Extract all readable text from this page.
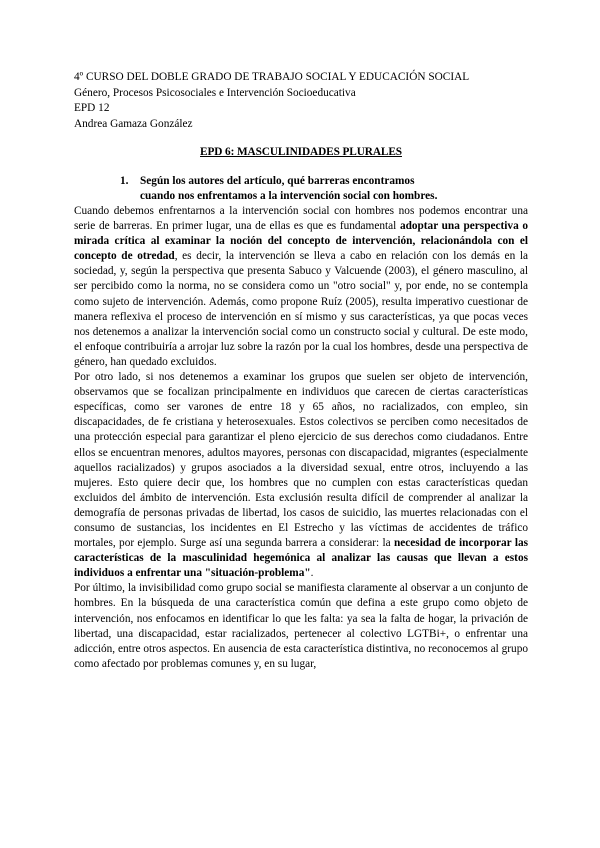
4º CURSO DEL DOBLE GRADO DE TRABAJO SOCIAL Y EDUCACIÓN SOCIAL
Género, Procesos Psicosociales e Intervención Socioeducativa
EPD 12
Andrea Gamaza González
EPD 6: MASCULINIDADES PLURALES
1.	Según los autores del artículo, qué barreras encontramos cuando nos enfrentamos a la intervención social con hombres.

Cuando debemos enfrentarnos a la intervención social con hombres nos podemos encontrar una serie de barreras. En primer lugar, una de ellas es que es fundamental adoptar una perspectiva o mirada crítica al examinar la noción del concepto de intervención, relacionándola con el concepto de otredad, es decir, la intervención se lleva a cabo en relación con los demás en la sociedad, y, según la perspectiva que presenta Sabuco y Valcuende (2003), el género masculino, al ser percibido como la norma, no se considera como un "otro social" y, por ende, no se contempla como sujeto de intervención. Además, como propone Ruíz (2005), resulta imperativo cuestionar de manera reflexiva el proceso de intervención en sí mismo y sus características, ya que pocas veces nos detenemos a analizar la intervención social como un constructo social y cultural. De este modo, el enfoque contribuiría a arrojar luz sobre la razón por la cual los hombres, desde una perspectiva de género, han quedado excluidos.

Por otro lado, si nos detenemos a examinar los grupos que suelen ser objeto de intervención, observamos que se focalizan principalmente en individuos que carecen de ciertas características específicas, como ser varones de entre 18 y 65 años, no racializados, con empleo, sin discapacidades, de fe cristiana y heterosexuales. Estos colectivos se perciben como necesitados de una protección especial para garantizar el pleno ejercicio de sus derechos como ciudadanos. Entre ellos se encuentran menores, adultos mayores, personas con discapacidad, migrantes (especialmente aquellos racializados) y grupos asociados a la diversidad sexual, entre otros, incluyendo a las mujeres. Esto quiere decir que, los hombres que no cumplen con estas características quedan excluidos del ámbito de intervención. Esta exclusión resulta difícil de comprender al analizar la demografía de personas privadas de libertad, los casos de suicidio, las muertes relacionadas con el consumo de sustancias, los incidentes en El Estrecho y las víctimas de accidentes de tráfico mortales, por ejemplo. Surge así una segunda barrera a considerar: la necesidad de incorporar las características de la masculinidad hegemónica al analizar las causas que llevan a estos individuos a enfrentar una "situación-problema".

Por último, la invisibilidad como grupo social se manifiesta claramente al observar a un conjunto de hombres. En la búsqueda de una característica común que defina a este grupo como objeto de intervención, nos enfocamos en identificar lo que les falta: ya sea la falta de hogar, la privación de libertad, una discapacidad, estar racializados, pertenecer al colectivo LGTBi+, o enfrentar una adicción, entre otros aspectos. En ausencia de esta característica distintiva, no reconocemos al grupo como afectado por problemas comunes y, en su lugar,
